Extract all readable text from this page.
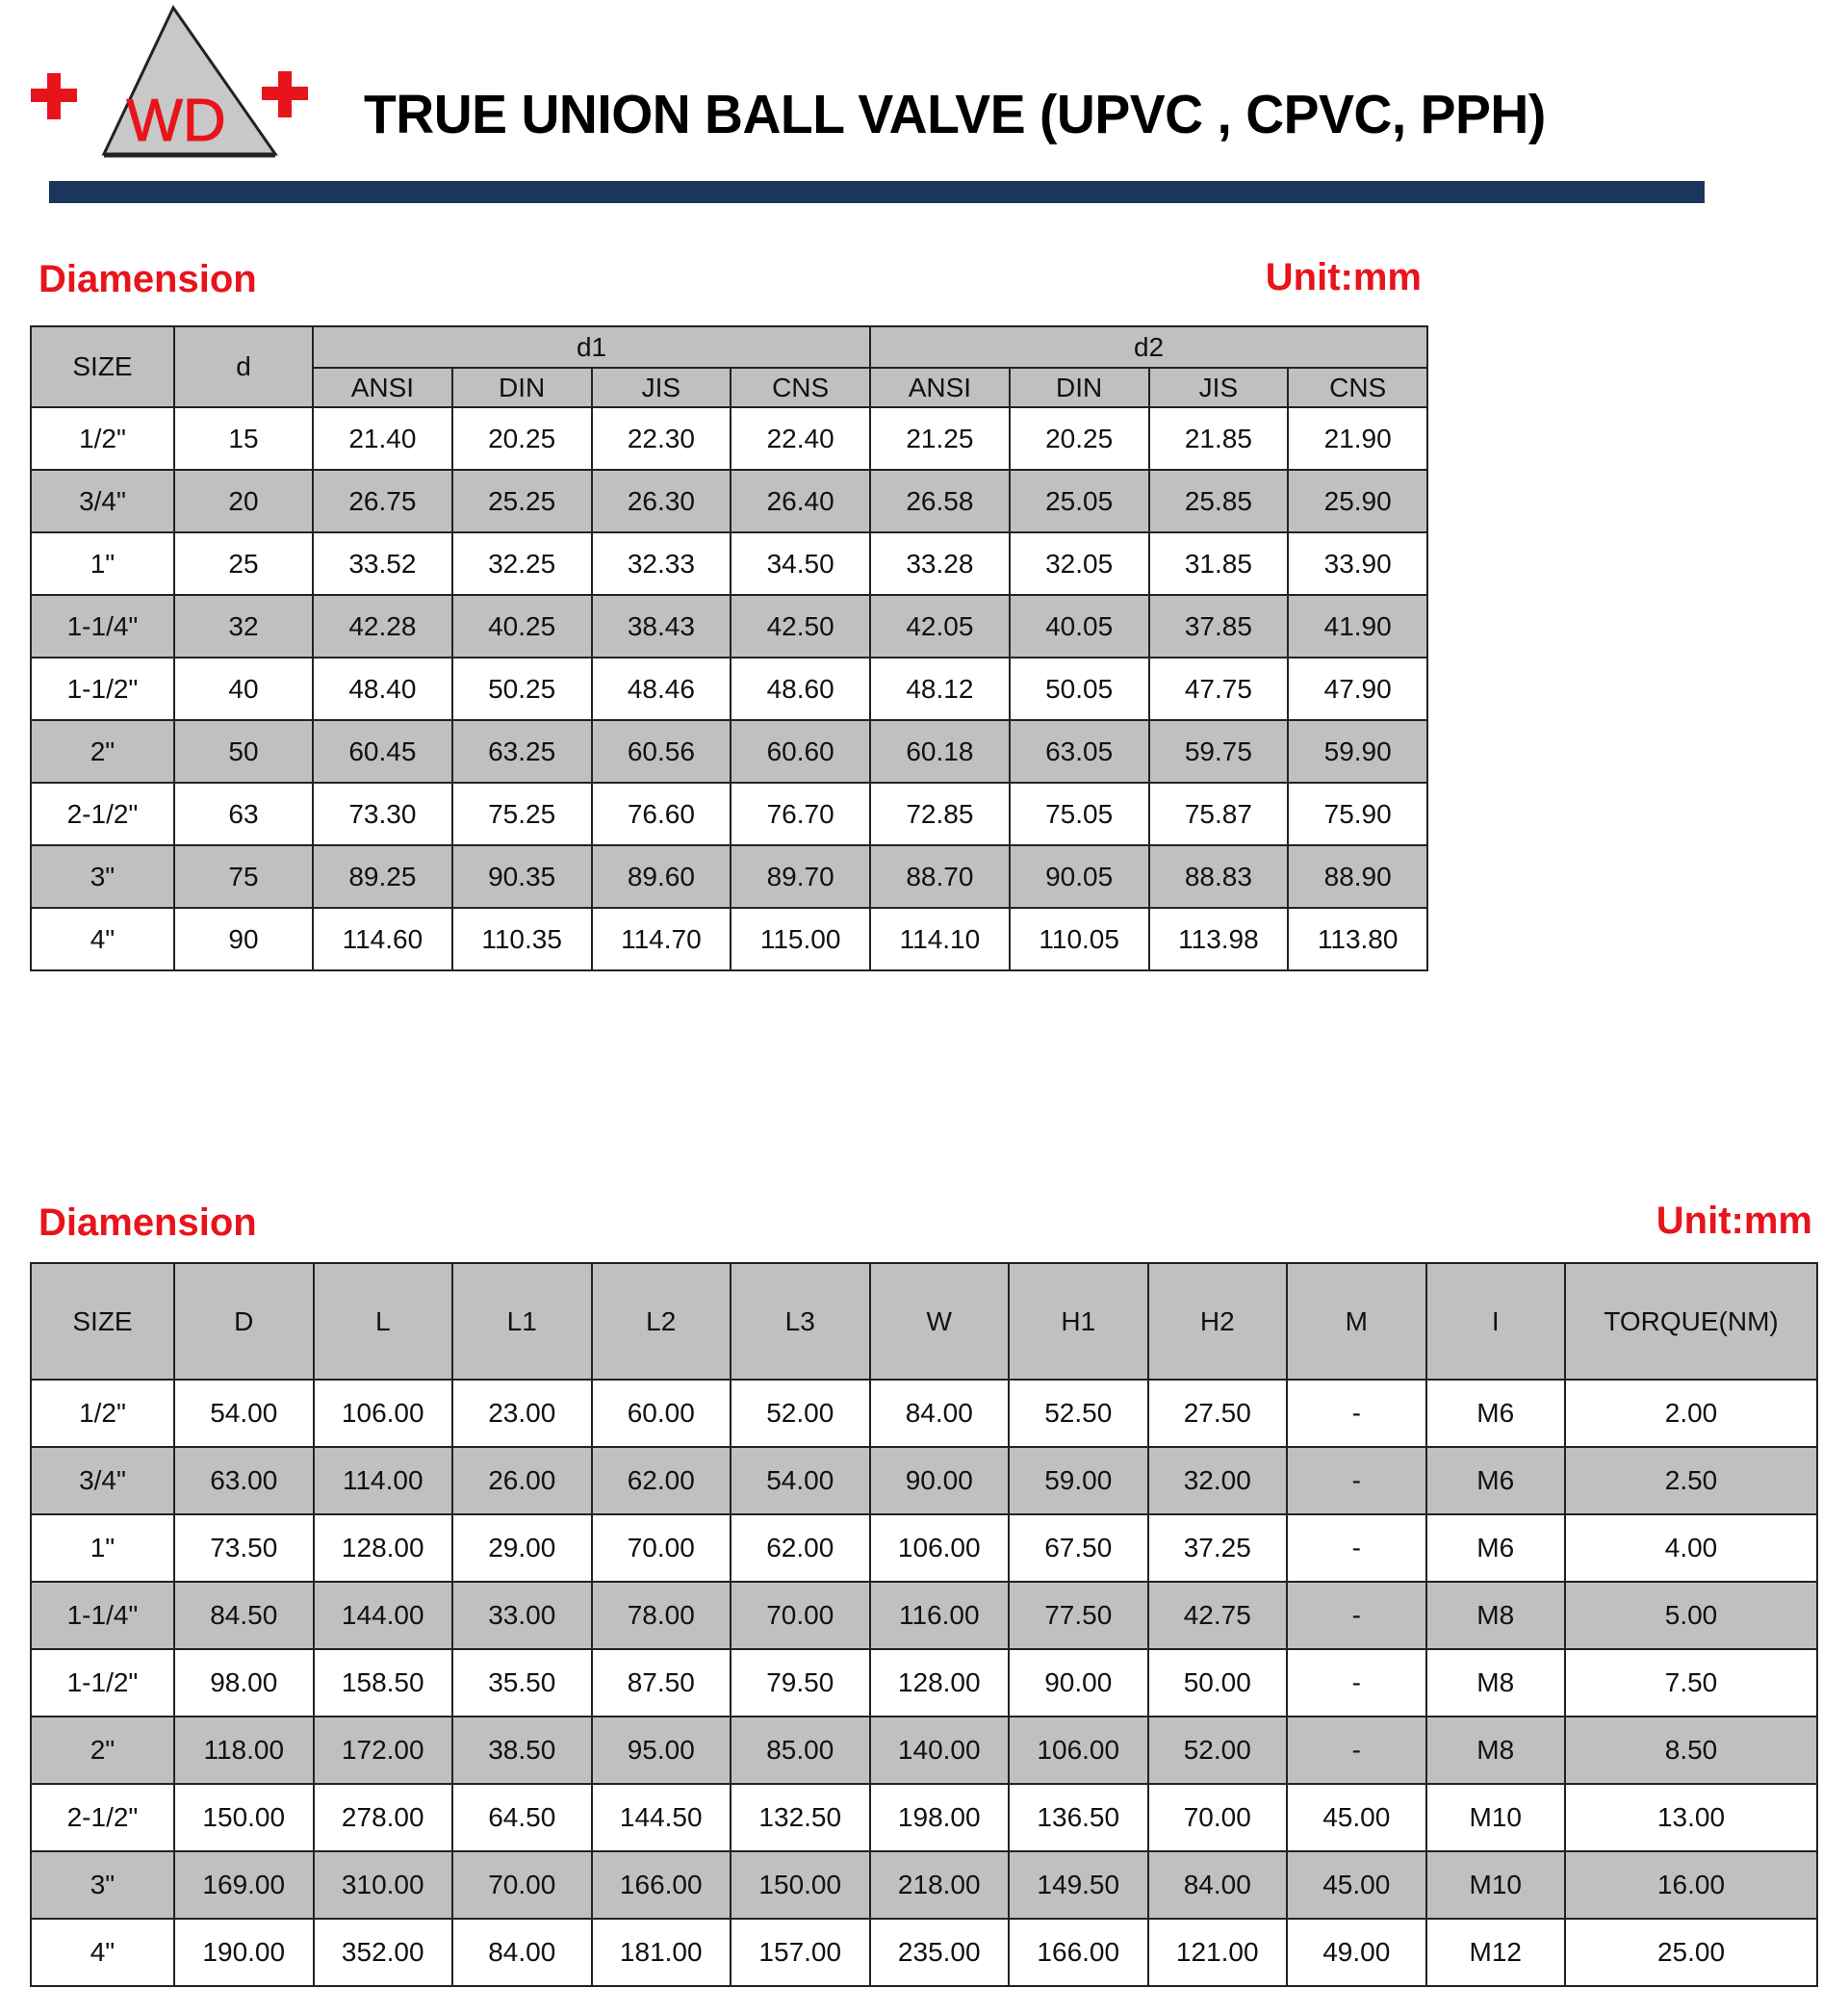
WD	TRUE UNION BALL VALVE (UPVC , CPVC, PPH)
Diamension	Unit:mm
SIZE	d	d1				d2			
		ANSI	DIN	JIS	CNS	ANSI	DIN	JIS	CNS
1/2"	15	21.40	20.25	22.30	22.40	21.25	20.25	21.85	21.90
3/4"	20	26.75	25.25	26.30	26.40	26.58	25.05	25.85	25.90
1"	25	33.52	32.25	32.33	34.50	33.28	32.05	31.85	33.90
1-1/4"	32	42.28	40.25	38.43	42.50	42.05	40.05	37.85	41.90
1-1/2"	40	48.40	50.25	48.46	48.60	48.12	50.05	47.75	47.90
2"	50	60.45	63.25	60.56	60.60	60.18	63.05	59.75	59.90
2-1/2"	63	73.30	75.25	76.60	76.70	72.85	75.05	75.87	75.90
3"	75	89.25	90.35	89.60	89.70	88.70	90.05	88.83	88.90
4"	90	114.60	110.35	114.70	115.00	114.10	110.05	113.98	113.80
Diamension	Unit:mm
SIZE	D	L	L1	L2	L3	W	H1	H2	M	I	TORQUE(NM)
1/2"	54.00	106.00	23.00	60.00	52.00	84.00	52.50	27.50	-	M6	2.00
3/4"	63.00	114.00	26.00	62.00	54.00	90.00	59.00	32.00	-	M6	2.50
1"	73.50	128.00	29.00	70.00	62.00	106.00	67.50	37.25	-	M6	4.00
1-1/4"	84.50	144.00	33.00	78.00	70.00	116.00	77.50	42.75	-	M8	5.00
1-1/2"	98.00	158.50	35.50	87.50	79.50	128.00	90.00	50.00	-	M8	7.50
2"	118.00	172.00	38.50	95.00	85.00	140.00	106.00	52.00	-	M8	8.50
2-1/2"	150.00	278.00	64.50	144.50	132.50	198.00	136.50	70.00	45.00	M10	13.00
3"	169.00	310.00	70.00	166.00	150.00	218.00	149.50	84.00	45.00	M10	16.00
4"	190.00	352.00	84.00	181.00	157.00	235.00	166.00	121.00	49.00	M12	25.00
